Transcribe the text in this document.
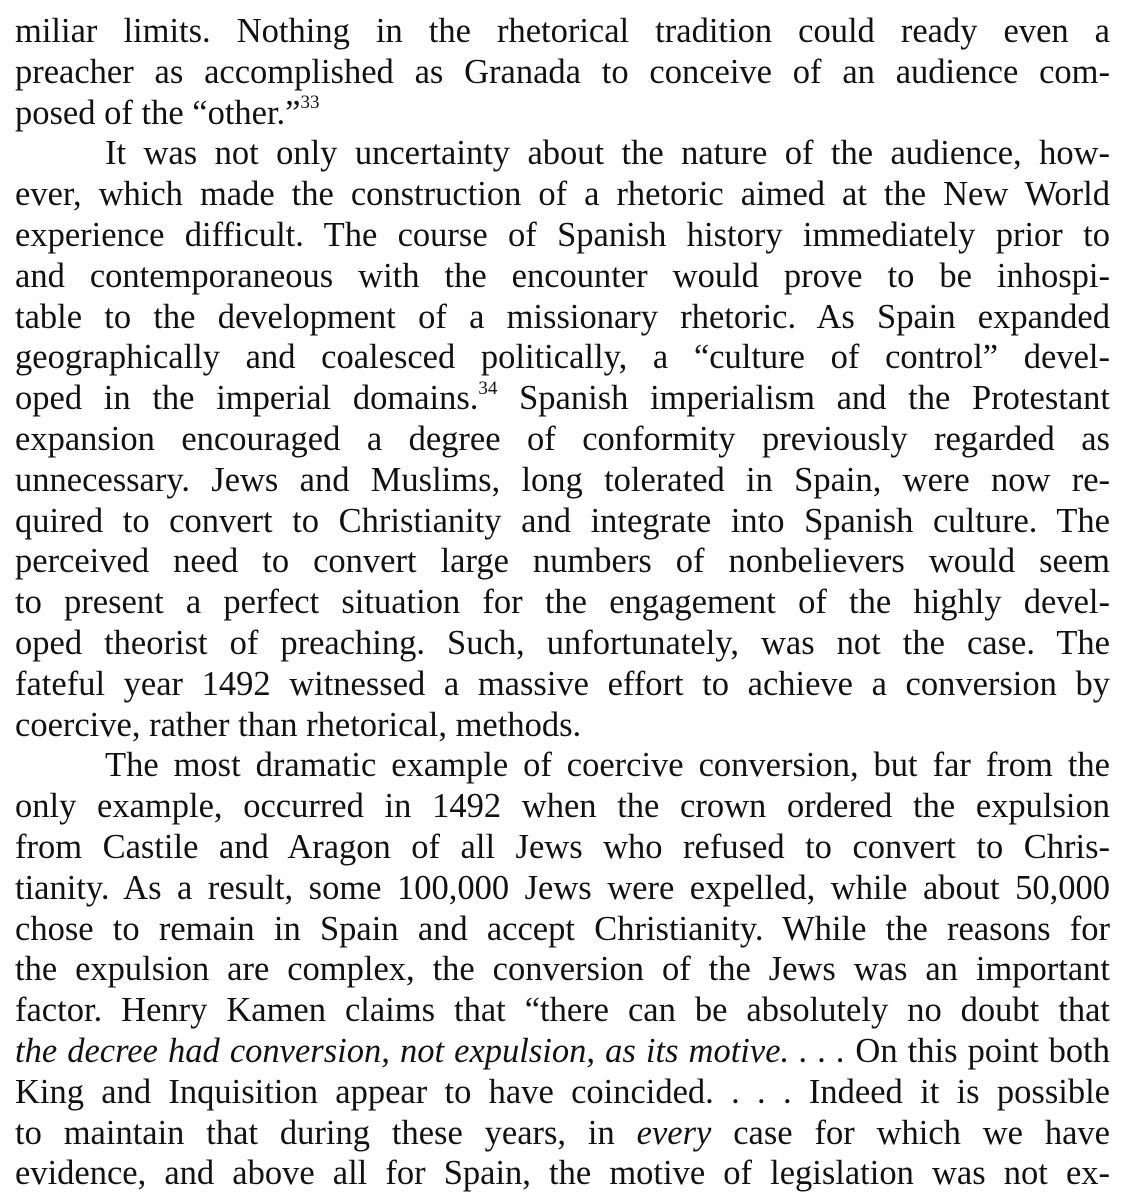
miliar limits. Nothing in the rhetorical tradition could ready even a
preacher as accomplished as Granada to conceive of an audience com-
posed of the “other.”$^{33}$
It was not only uncertainty about the nature of the audience, how-
ever, which made the construction of a rhetoric aimed at the New World
experience difficult. The course of Spanish history immediately prior to
and contemporaneous with the encounter would prove to be inhospi-
table to the development of a missionary rhetoric. As Spain expanded
geographically and coalesced politically, a “culture of control” devel-
oped in the imperial domains.$^{34}$ Spanish imperialism and the Protestant
expansion encouraged a degree of conformity previously regarded as
unnecessary. Jews and Muslims, long tolerated in Spain, were now re-
quired to convert to Christianity and integrate into Spanish culture. The
perceived need to convert large numbers of nonbelievers would seem
to present a perfect situation for the engagement of the highly devel-
oped theorist of preaching. Such, unfortunately, was not the case. The
fateful year 1492 witnessed a massive effort to achieve a conversion by
coercive, rather than rhetorical, methods.
The most dramatic example of coercive conversion, but far from the
only example, occurred in 1492 when the crown ordered the expulsion
from Castile and Aragon of all Jews who refused to convert to Chris-
tianity. As a result, some 100,000 Jews were expelled, while about 50,000
chose to remain in Spain and accept Christianity. While the reasons for
the expulsion are complex, the conversion of the Jews was an important
factor. Henry Kamen claims that “there can be absolutely no doubt that
the decree had conversion, not expulsion, as its motive. . . . On this point both
King and Inquisition appear to have coincided. . . . Indeed it is possible
to maintain that during these years, in every case for which we have
evidence, and above all for Spain, the motive of legislation was not ex-
